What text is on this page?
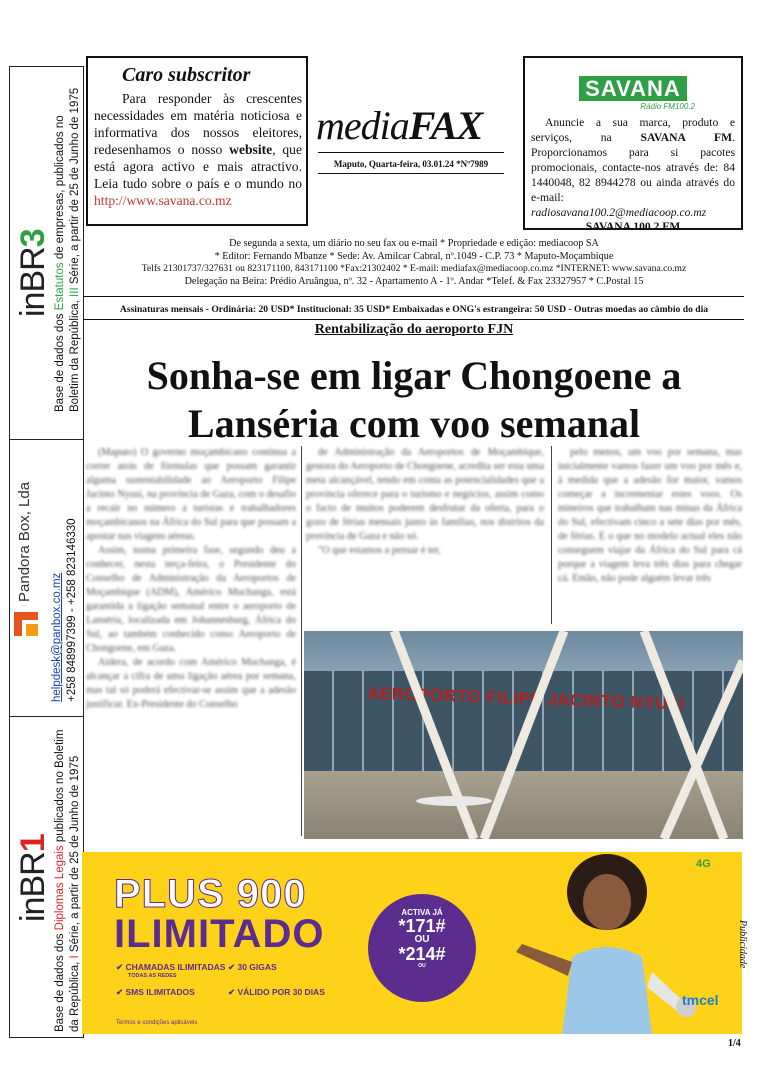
inBR3
Base de dados dos Estatutos de empresas, publicados no
Boletim da República, III Série, a partir de 25 de Junho de 1975
Pandora Box, Lda
helpdesk@panbox.co.mz +258 848997399 - +258 823146330
inBR1
Base de dados dos Diplomas Legais publicados no Boletim
da República, I Série, a partir de 25 de Junho de 1975
Caro subscritor
Para responder às crescentes necessidades em matéria noticiosa e informativa dos nossos eleitores, redesenhamos o nosso website, que está agora activo e mais atractivo. Leia tudo sobre o país e o mundo no http://www.savana.co.mz
mediaFAX
Maputo, Quarta-feira, 03.01.24 *Nº7989
SAVANA
Rádio FM100.2
Anuncie a sua marca, produto e serviços, na SAVANA FM. Proporcionamos para si pacotes promocionais, contacte-nos através de: 84 1440048, 82 8944278 ou ainda através do e-mail: radiosavana100.2@mediacoop.co.mz
SAVANA 100.2 FM
De segunda a sexta, um diário no seu fax ou e-mail * Propriedade e edição: mediacoop SA
* Editor: Fernando Mbanze * Sede: Av. Amilcar Cabral, nº.1049 - C.P. 73 * Maputo-Moçambique
Telfs 21301737/327631 ou 823171100, 843171100 *Fax:21302402 * E-mail: mediafax@mediacoop.co.mz *INTERNET: www.savana.co.mz
Delegação na Beira: Prédio Aruângua, nº. 32 - Apartamento A - 1º. Andar *Telef. & Fax 23327957 * C.Postal 15
Assinaturas mensais - Ordinária: 20 USD* Institucional: 35 USD* Embaixadas e ONG's estrangeira: 50 USD - Outras moedas ao câmbio do dia
Rentabilização do aeroporto FJN
Sonha-se em ligar Chongoene a
Lanséria com voo semanal

(Maputo) O governo moçambicano continua a correr atrás de fórmulas que possam garantir alguma sustentabilidade ao Aeroporto Filipe Jacinto Nyusi, na província de Gaza, com o desafio a recair no número a turistas e trabalhadores moçambicanos na África do Sul para que possam a apostar nas viagens aéreas.

Assim, numa primeira fase, segundo deu a conhecer, nesta terça-feira, o Presidente do Conselho de Administração da Aeroportos de Moçambique (ADM), Américo Muchanga, está garantida a ligação semanal entre o aeroporto de Lanséria, localizada em Johannesburg, África do Sul, ao também conhecido como Aeroporto de Chongoene, em Gaza.

Aidera, de acordo com Américo Muchanga, é alcançar a cifra de uma ligação aérea por semana, mas tal só poderá efectivar-se assim que a adesão justificar. Ex-Presidente do Conselho

de Administração da Aeroportos de Moçambique, gestora do Aeroporto de Chongoene, acredita ser esta uma meta alcançável, tendo em conta as potencialidades que a província oferece para o turismo e negócios, assim como o facto de muitos poderem desfrutar da oferta, para o gozo de férias mensais junto às famílias, nos distritos da província de Gaza e não só.

"O que estamos a pensar é ter,

pelo menos, um voo por semana, mas inicialmente vamos fazer um voo por mês e, à medida que a adesão for maior, vamos começar a incrementar estes voos. Os mineiros que trabalham nas minas da África do Sul, efectivam cinco a sete dias por mês, de férias. E o que no modelo actual eles não conseguem viajar da África do Sul para cá porque a viagem leva três dias para chegar cá. Então, não pode alguém levar três

AEROPORTO FILIPE JACINTO NYUSI
PLUS 900
ILIMITADO
✔ CHAMADAS ILIMITADAS
TODAS AS REDES
✔ 30 GIGAS
✔ SMS ILIMITADOS	✔ VÁLIDO POR 30 DIAS
Termos e condições aplicáveis
ACTIVA JÁ
*171#
OU
*214#
OU
4G
tmcel
Publicidade
1/4
